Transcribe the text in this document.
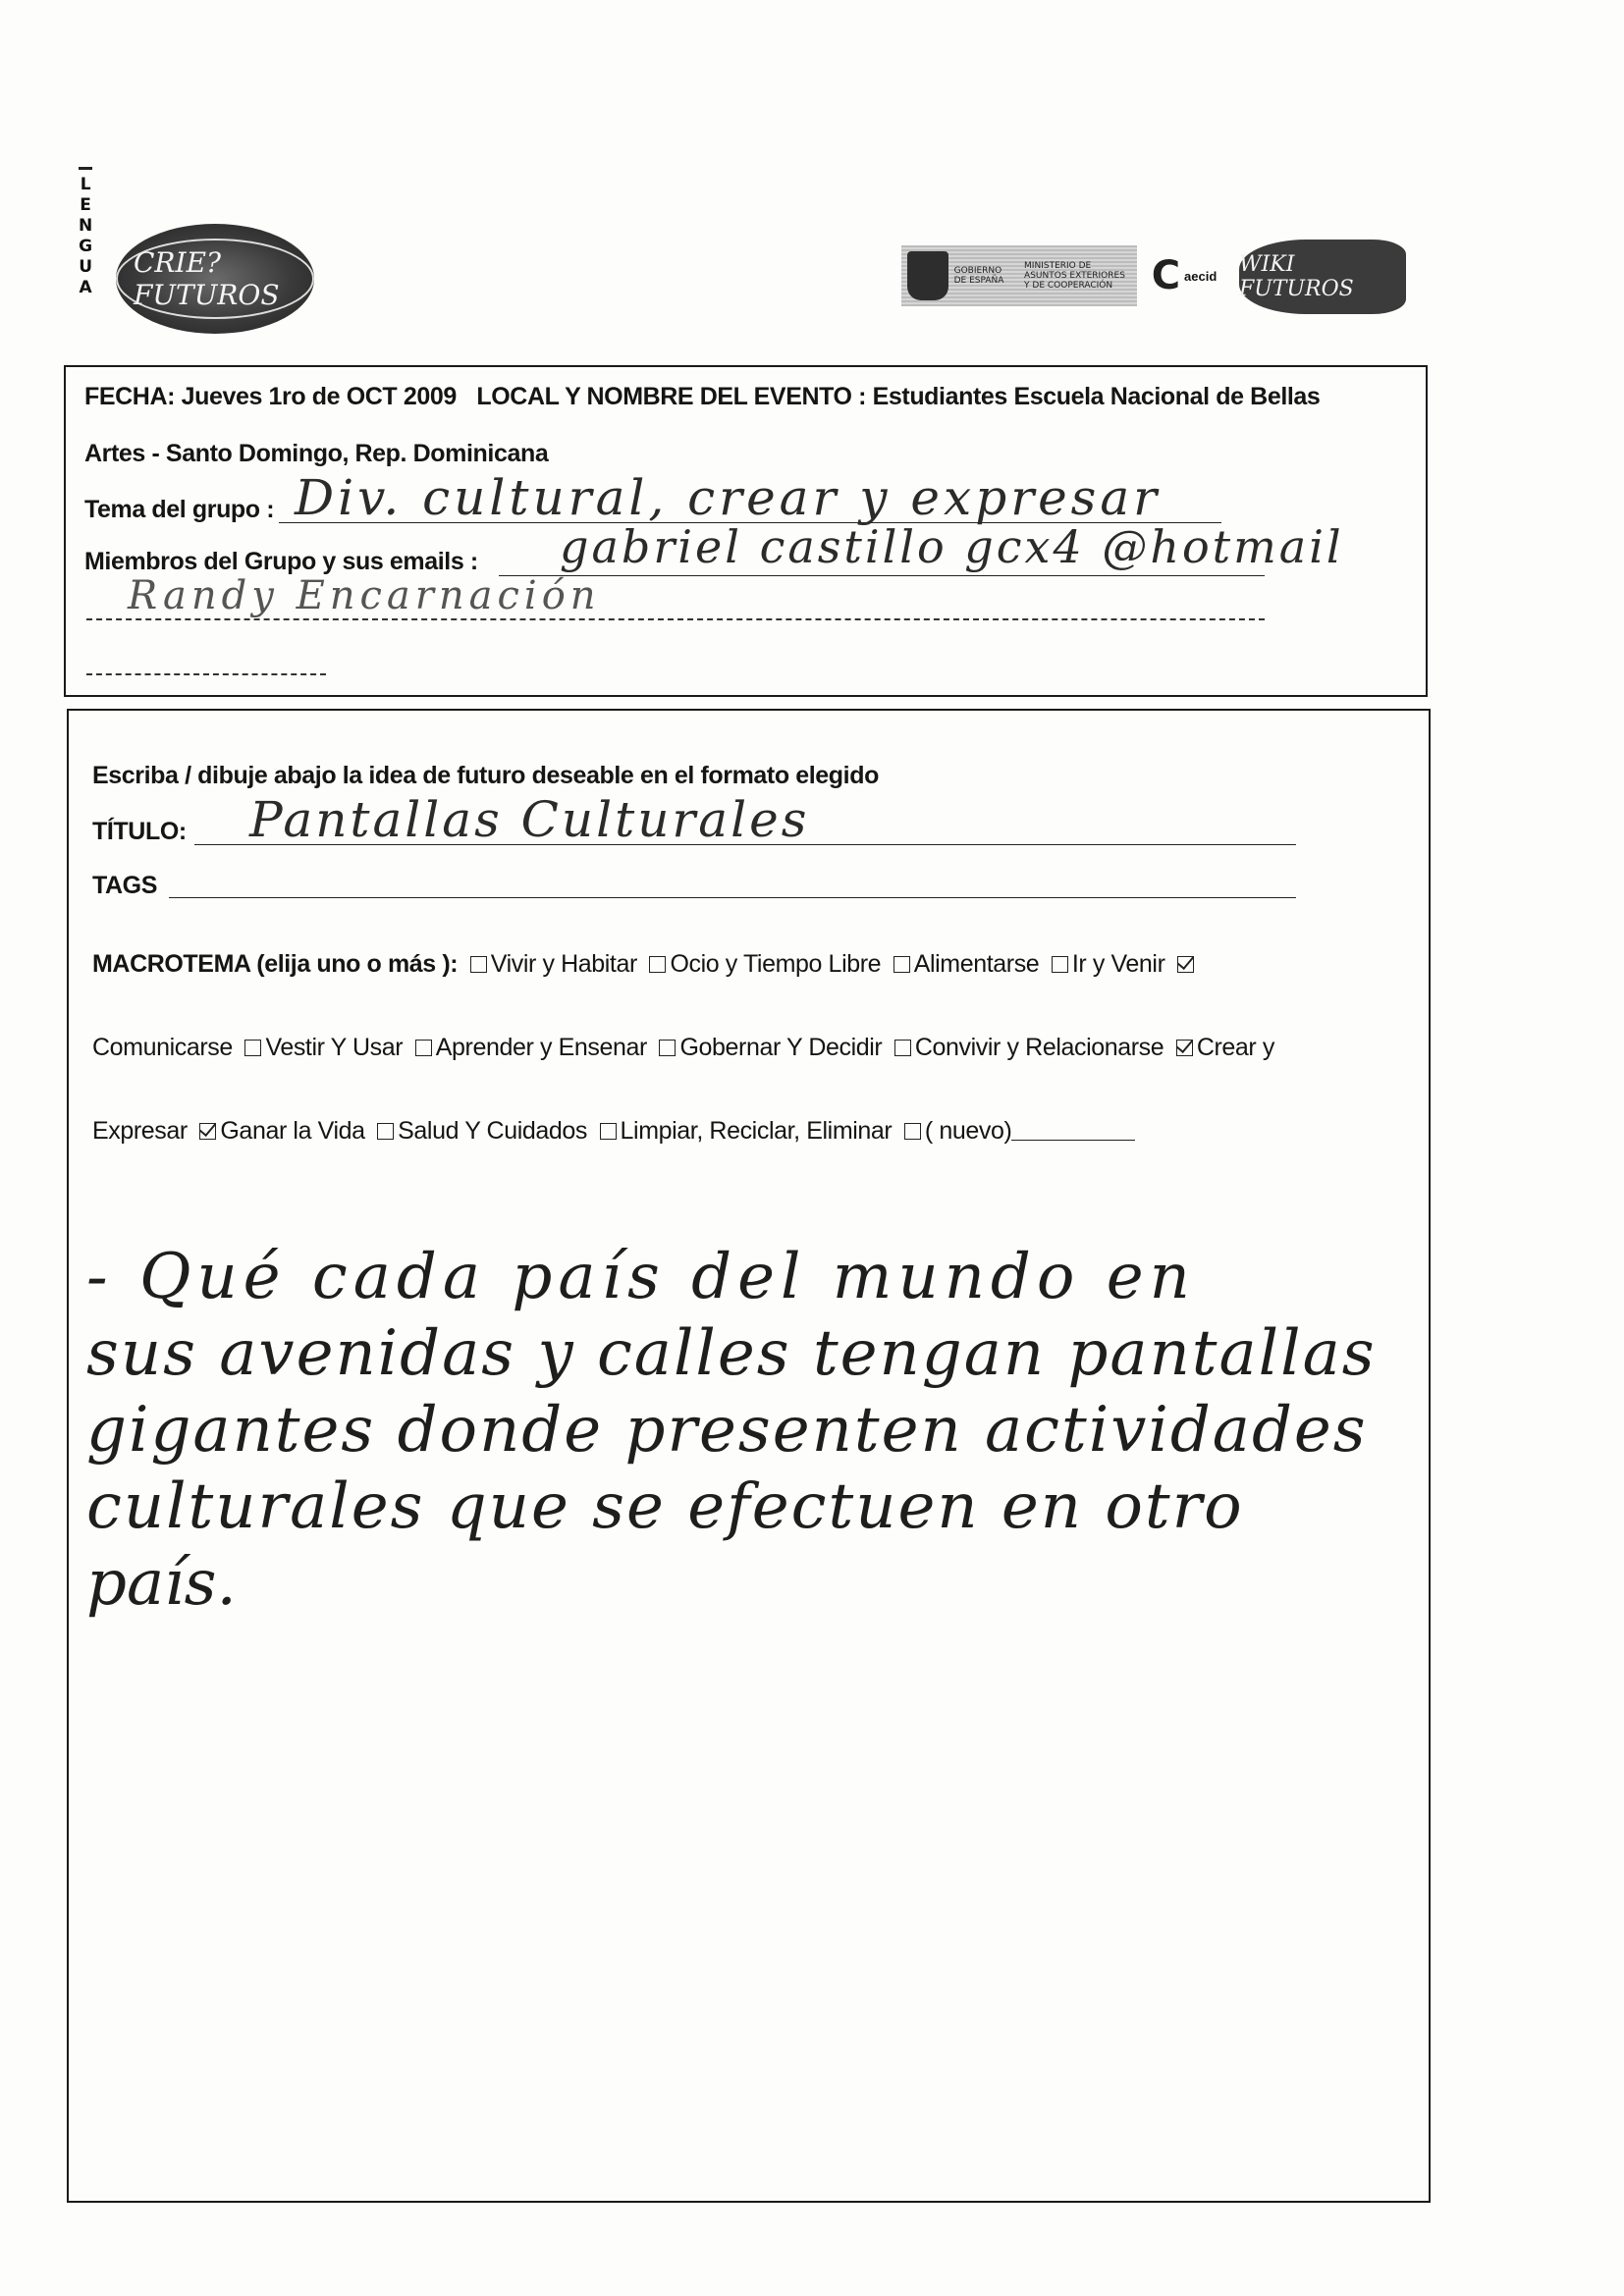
L
E
N
G
U
A
CRIE?FUTUROS
GOBIERNO DE ESPAÑA
MINISTERIO DE ASUNTOS EXTERIORES Y DE COOPERACIÓN C aecid WIKI FUTUROS
FECHA: Jueves 1ro de OCT 2009 LOCAL Y NOMBRE DEL EVENTO : Estudiantes Escuela Nacional de Bellas
Artes - Santo Domingo, Rep. Dominicana
Tema del grupo : Div. cultural, crear y expresar
Miembros del Grupo y sus emails : gabriel castillo gcx4 @hotmail
Randy Encarnación
Escriba / dibuje abajo la idea de futuro deseable en el formato elegido
TÍTULO: Pantallas Culturales
TAGS
MACROTEMA (elija uno o más ): Vivir y Habitar Ocio y Tiempo Libre Alimentarse Ir y Venir
Comunicarse Vestir Y Usar Aprender y Ensenar Gobernar Y Decidir Convivir y Relacionarse Crear y
Expresar Ganar la Vida Salud Y Cuidados Limpiar, Reciclar, Eliminar ( nuevo)
- Qué cada país del mundo en
sus avenidas y calles tengan pantallas
gigantes donde presenten actividades
culturales que se efectuen en otro
país.
